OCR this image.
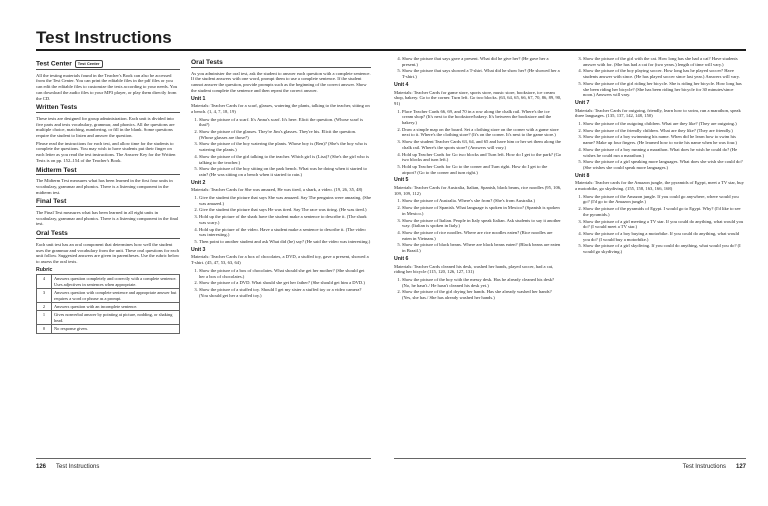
Test Instructions
Test Center Test Center

All the testing materials found in the Teacher's Book can also be accessed from the Test Center. You can print the editable files in the pdf files or you can edit the editable files to customize the tests according to your needs. You can download the audio files to your MP3 player, or play them directly from the CD.

Written Tests

These tests are designed for group administration. Each unit is divided into five parts and tests vocabulary, grammar, and phonics. All the questions are multiple choice, matching, numbering, or fill in the blank. Some questions require the student to listen and answer the question.

Please read the instructions for each test, and allow time for the students to complete the questions. You may wish to have students put their finger on each letter as you read the test instructions. The Answer Key for the Written Tests is on pp. 152–154 of the Teacher's Book.

Midterm Test

The Midterm Test measures what has been learned in the first four units in vocabulary, grammar and phonics. There is a listening component in the midterm test.

Final Test

The Final Test measures what has been learned in all eight units in vocabulary, grammar and phonics. There is a listening component in the final test.

Oral Tests

Each unit test has an oral component that determines how well the student uses the grammar and vocabulary from the unit. These oral questions for each unit follow. Suggested answers are given in parentheses. Use the rubric below to assess the oral tests.

Rubric
4	Answers question completely and correctly with a complete sentence. Uses adjectives in sentences when appropriate.
3	Answers question with complete sentence and appropriate answer but requires a word or phrase as a prompt.
2	Answers question with an incomplete sentence.
1	Gives nonverbal answer by pointing at picture, nodding, or shaking head.
0	No response given.
Oral Tests

As you administer the oral test, ask the student to answer each question with a complete sentence. If the student answers with one word, prompt them to use a complete sentence. If the student cannot answer the question, provide prompts such as the beginning of the correct answer. Show the student complete the sentence and then repeat the correct answer.

Unit 1

Materials: Teacher Cards for a scarf, glasses, watering the plants, talking to the teacher, sitting on a bench. (1, 4, 7, 18, 19)

1. Show the picture of a scarf. It's Anna's scarf. It's here. Elicit the question. (Whose scarf is that?)
2. Show the picture of the glasses. They're Jim's glasses. They're his. Elicit the question. (Whose glasses are those?)
3. Show the picture of the boy watering the plants. Whose boy is (Ben)? (She's the boy who is watering the plants.)
4. Show the picture of the girl talking to the teacher. Which girl is (Lisa)? (She's the girl who is talking to the teacher.)
5. Show the picture of the boy sitting on the park bench. What was he doing when it started to rain? (He was sitting on a bench when it started to rain.)
Unit 2

Materials: Teacher Cards for She was amazed, He was tired, a shark, a video. (19, 26, 35, 48)

1. Give the student the picture that says She was amazed. Say The penguins were amazing. (She was amazed.)
2. Give the student the picture that says He was tired. Say The race was tiring. (He was tired.)
3. Hold up the picture of the shark have the student make a sentence to describe it. (The shark was scary.)
4. Hold up the picture of the video. Have a student make a sentence to describe it. (The video was interesting.)
5. Then point to another student and ask What did (he) say? (He said the video was interesting.)
Unit 3

Materials: Teacher Cards for a box of chocolates, a DVD, a stuffed toy, gave a present, showed a T-shirt. (45, 47, 53, 63, 64)

1. Show the picture of a box of chocolates. What should she get her mother? (She should get her a box of chocolates.)
2. Show the picture of a DVD. What should she get her father? (She should get him a DVD.)
3. Show the picture of a stuffed toy. Should I get my sister a stuffed toy or a video camera? (You should get her a stuffed toy.)
4. Show the picture that says gave a present. What did he give her? (He gave her a present.)
5. Show the picture that says showed a T-shirt. What did he show her? (He showed her a T-shirt.)
Unit 4

Materials: Teacher Cards for game store, sports store, music store, bookstore, ice cream shop, bakery. Go to the corner. Turn left. Go two blocks. (63, 64, 65, 66, 67, 70, 86, 89, 90, 91)

1. Place Teacher Cards 66, 69, and 70 in a row along the chalk rail. Where's the ice cream shop? (It's next to the bookstore/bakery. It's between the bookstore and the bakery.)
2. Draw a simple map on the board. Set a clothing store on the corner with a game store next to it. Where's the clothing store? (It's on the corner. It's next to the game store.)
3. Show the student Teacher Cards 63, 64, and 65 and have him or her set them along the chalk rail. Where's the sports store? (Answers will vary.)
4. Hold up Teacher Cards for Go two blocks and Turn left. How do I get to the park? (Go two blocks and turn left.)
5. Hold up Teacher Cards for Go to the corner and Turn right. How do I get to the airport? (Go to the corner and turn right.)
Unit 5

Materials: Teacher Cards for Australia, Italian, Spanish, black beans, rice noodles (95, 106, 109, 109, 112)

1. Show the picture of Australia. Where's she from? (She's from Australia.)
2. Show the picture of Spanish. What language is spoken in Mexico? (Spanish is spoken in Mexico.)
3. Show the picture of Italian. People in Italy speak Italian. Ask students to say it another way. (Italian is spoken in Italy.)
4. Show the picture of rice noodles. Where are rice noodles eaten? (Rice noodles are eaten in Vietnam.)
5. Show the picture of black beans. Where are black beans eaten? (Black beans are eaten in Brazil.)
Unit 6

Materials: Teacher Cards cleaned his desk, washed her hands, played soccer, had a cat, riding her bicycle (115, 120, 126, 127, 131)

1. Show the picture of the boy with the messy desk. Has he already cleaned his desk? (No, he hasn't./ He hasn't cleaned his desk yet.)
2. Show the picture of the girl drying her hands. Has she already washed her hands? (Yes, she has./ She has already washed her hands.)
3. Show the picture of the girl with the cat. How long has she had a cat? Have students answer with for. (She has had a cat for (two years.) length of time will vary.)
4. Show the picture of the boy playing soccer. How long has he played soccer? Have students answer with since. (He has played soccer since last year.) Answers will vary.
5. Show the picture of the girl riding her bicycle. She is riding her bicycle. How long has she been riding her bicycle? (She has been riding her bicycle for 30 minutes/since noon.) Answers will vary.
Unit 7

Materials: Teacher Cards for outgoing, friendly, learn how to swim, run a marathon, speak three languages. (135, 137, 142, 148, 150)

1. Show the picture of the outgoing children. What are they like? (They are outgoing.)
2. Show the picture of the friendly children. What are they like? (They are friendly.)
3. Show the picture of a boy swimming his name. When did he learn how to swim his name? Make up four fingers. (He learned how to write his name when he was four.)
4. Show the picture of a boy running a marathon. What does he wish he could do? (He wishes he could run a marathon.)
5. Show the picture of a girl speaking more languages. What does she wish she could do? (She wishes she could speak more languages.)
Unit 8

Materials: Teacher cards for the Amazon jungle, the pyramids of Egypt, meet a TV star, buy a motorbike, go skydiving. (155, 158, 163, 166, 168)

1. Show the picture of the Amazon jungle. If you could go anywhere, where would you go? (I'd go to the Amazon jungle.)
2. Show the picture of the pyramids of Egypt. I would go to Egypt. Why? (I'd like to see the pyramids.)
3. Show the picture of a girl meeting a TV star. If you could do anything, what would you do? (I would meet a TV star.)
4. Show the picture of a boy buying a motorbike. If you could do anything, what would you do? (I would buy a motorbike.)
5. Show the picture of a girl skydiving. If you could do anything, what would you do? (I would go skydiving.)
126 Test Instructions	Test Instructions 127
